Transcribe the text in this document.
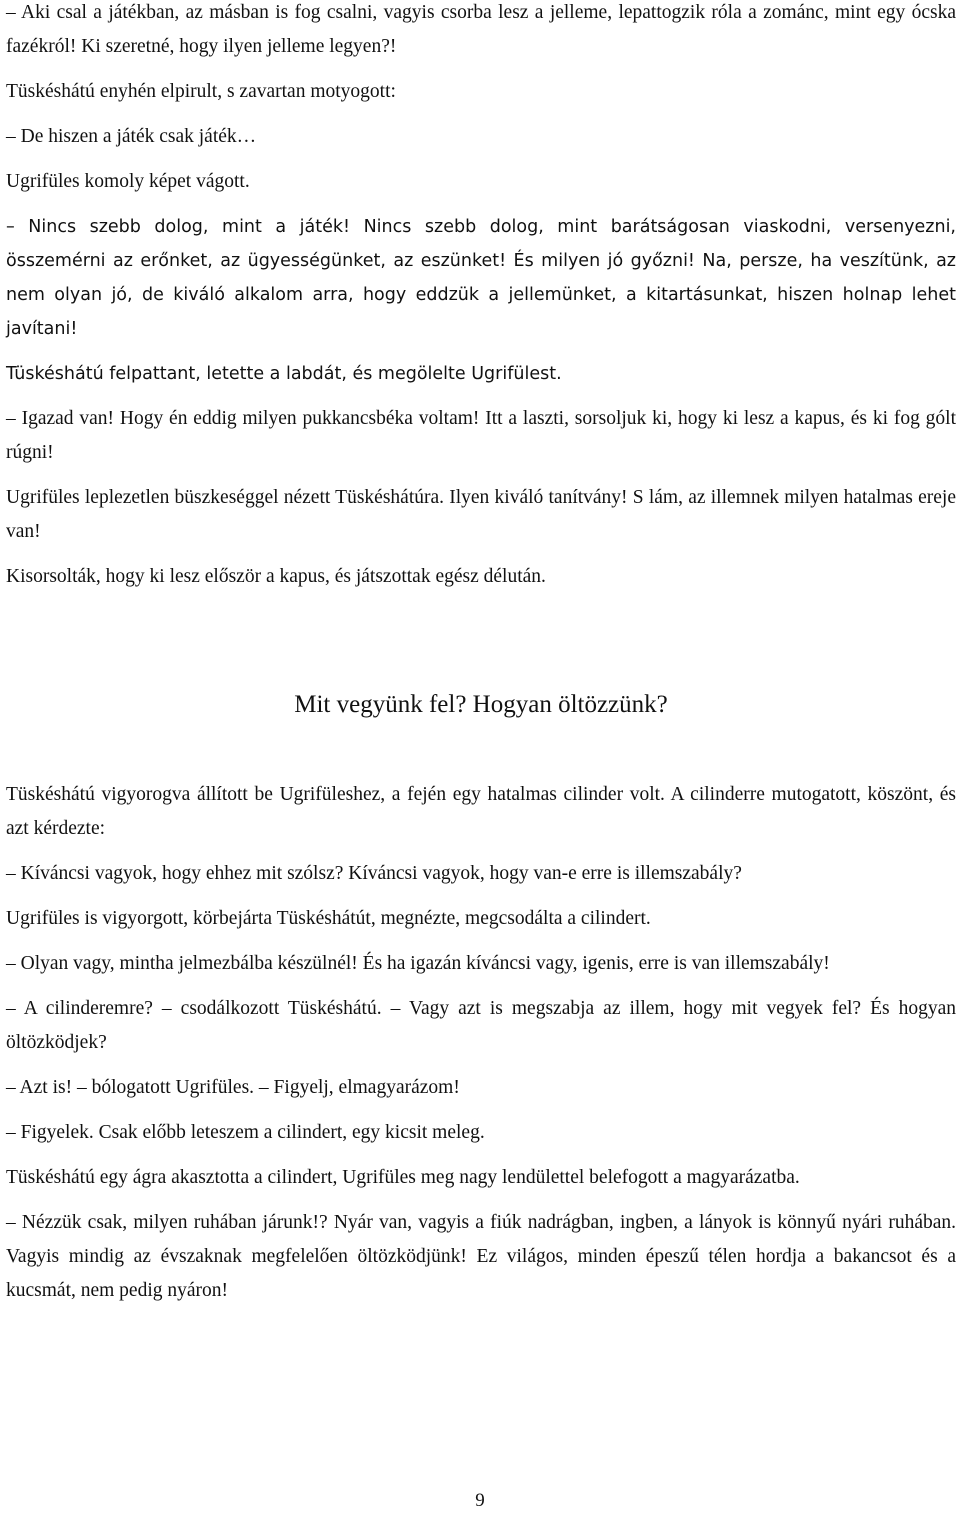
– Aki csal a játékban, az másban is fog csalni, vagyis csorba lesz a jelleme, lepattogzik róla a zománc, mint egy ócska fazékról! Ki szeretné, hogy ilyen jelleme legyen?!

Tüskéshátú enyhén elpirult, s zavartan motyogott:

– De hiszen a játék csak játék…

Ugrifüles komoly képet vágott.

– Nincs szebb dolog, mint a játék! Nincs szebb dolog, mint barátságosan viaskodni, versenyezni, összemérni az erőnket, az ügyességünket, az eszünket! És milyen jó győzni! Na, persze, ha veszítünk, az nem olyan jó, de kiváló alkalom arra, hogy eddzük a jellemünket, a kitartásunkat, hiszen holnap lehet javítani!

Tüskéshátú felpattant, letette a labdát, és megölelte Ugrifülest.

– Igazad van! Hogy én eddig milyen pukkancsbéka voltam! Itt a laszti, sorsoljuk ki, hogy ki lesz a kapus, és ki fog gólt rúgni!

Ugrifüles leplezetlen büszkeséggel nézett Tüskéshátúra. Ilyen kiváló tanítvány! S lám, az illemnek milyen hatalmas ereje van!

Kisorsolták, hogy ki lesz először a kapus, és játszottak egész délután.

Mit vegyünk fel? Hogyan öltözzünk?

Tüskéshátú vigyorogva állított be Ugrifüleshez, a fején egy hatalmas cilinder volt. A cilinderre mutogatott, köszönt, és azt kérdezte:

– Kíváncsi vagyok, hogy ehhez mit szólsz? Kíváncsi vagyok, hogy van-e erre is illemszabály?

Ugrifüles is vigyorgott, körbejárta Tüskéshátút, megnézte, megcsodálta a cilindert.

– Olyan vagy, mintha jelmezbálba készülnél! És ha igazán kíváncsi vagy, igenis, erre is van illemszabály!

– A cilinderemre? – csodálkozott Tüskéshátú. – Vagy azt is megszabja az illem, hogy mit vegyek fel? És hogyan öltözködjek?

– Azt is! – bólogatott Ugrifüles. – Figyelj, elmagyarázom!

– Figyelek. Csak előbb leteszem a cilindert, egy kicsit meleg.

Tüskéshátú egy ágra akasztotta a cilindert, Ugrifüles meg nagy lendülettel belefogott a magyarázatba.

– Nézzük csak, milyen ruhában járunk!? Nyár van, vagyis a fiúk nadrágban, ingben, a lányok is könnyű nyári ruhában. Vagyis mindig az évszaknak megfelelően öltözködjünk! Ez világos, minden épeszű télen hordja a bakancsot és a kucsmát, nem pedig nyáron!

9
